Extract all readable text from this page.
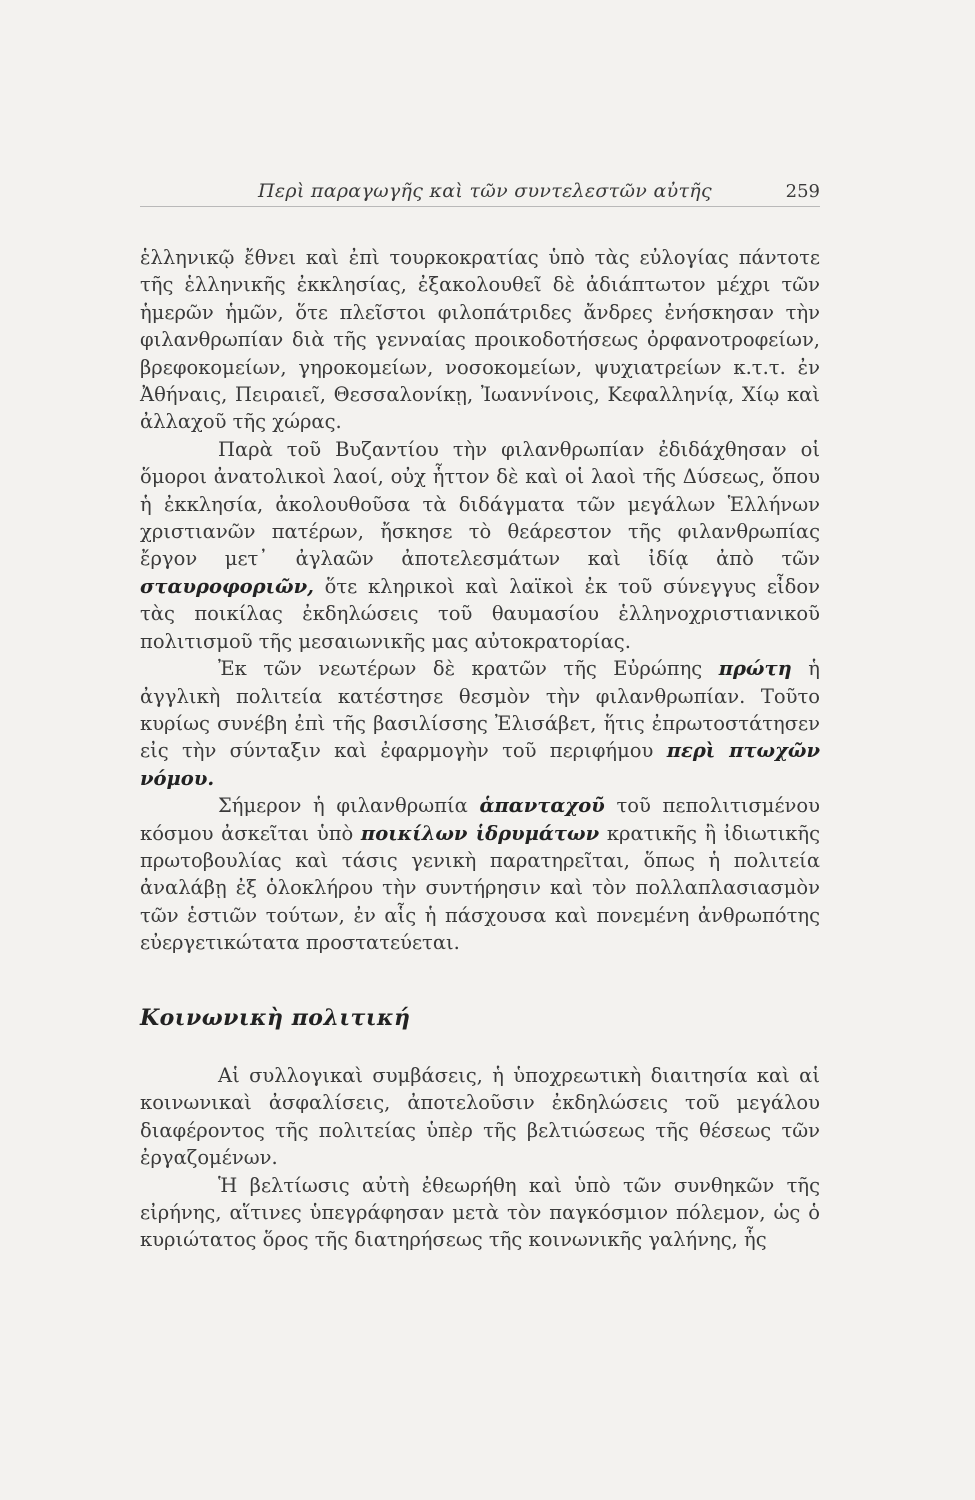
Περὶ παραγωγῆς καὶ τῶν συντελεστῶν αὐτῆς	259

ἑλληνικῷ ἔθνει καὶ ἐπὶ τουρκοκρατίας ὑπὸ τὰς εὐλογίας πάντοτε τῆς ἑλληνικῆς ἐκκλησίας, ἐξακολουθεῖ δὲ ἀδιάπτωτον μέχρι τῶν ἡμερῶν ἡμῶν, ὅτε πλεῖστοι φιλοπάτριδες ἄνδρες ἐνήσκησαν τὴν φιλανθρωπίαν διὰ τῆς γενναίας προικοδοτήσεως ὀρφανοτροφείων, βρεφοκομείων, γηροκομείων, νοσοκομείων, ψυχιατρείων κ.τ.τ. ἐν Ἀθήναις, Πειραιεῖ, Θεσσαλονίκῃ, Ἰωαννίνοις, Κεφαλληνίᾳ, Χίῳ καὶ ἀλλαχοῦ τῆς χώρας.

Παρὰ τοῦ Βυζαντίου τὴν φιλανθρωπίαν ἐδιδάχθησαν οἱ ὅμοροι ἀνατολικοὶ λαοί, οὐχ ἧττον δὲ καὶ οἱ λαοὶ τῆς Δύσεως, ὅπου ἡ ἐκκλησία, ἀκολουθοῦσα τὰ διδάγματα τῶν μεγάλων Ἑλλήνων χριστιανῶν πατέρων, ἤσκησε τὸ θεάρεστον τῆς φιλανθρωπίας ἔργον μετ᾽ ἀγλαῶν ἀποτελεσμάτων καὶ ἰδίᾳ ἀπὸ τῶν σταυροφοριῶν, ὅτε κληρικοὶ καὶ λαϊκοὶ ἐκ τοῦ σύνεγγυς εἶδον τὰς ποικίλας ἐκδηλώσεις τοῦ θαυμασίου ἑλληνοχριστιανικοῦ πολιτισμοῦ τῆς μεσαιωνικῆς μας αὐτοκρατορίας.

Ἐκ τῶν νεωτέρων δὲ κρατῶν τῆς Εὐρώπης πρώτη ἡ ἀγγλικὴ πολιτεία κατέστησε θεσμὸν τὴν φιλανθρωπίαν. Τοῦτο κυρίως συνέβη ἐπὶ τῆς βασιλίσσης Ἐλισάβετ, ἥτις ἐπρωτοστάτησεν εἰς τὴν σύνταξιν καὶ ἐφαρμογὴν τοῦ περιφήμου περὶ πτωχῶν νόμου.

Σήμερον ἡ φιλανθρωπία ἁπανταχοῦ τοῦ πεπολιτισμένου κόσμου ἀσκεῖται ὑπὸ ποικίλων ἱδρυμάτων κρατικῆς ἢ ἰδιωτικῆς πρωτοβουλίας καὶ τάσις γενικὴ παρατηρεῖται, ὅπως ἡ πολιτεία ἀναλάβῃ ἐξ ὁλοκλήρου τὴν συντήρησιν καὶ τὸν πολλαπλασιασμὸν τῶν ἑστιῶν τούτων, ἐν αἷς ἡ πάσχουσα καὶ πονεμένη ἀνθρωπότης εὐεργετικώτατα προστατεύεται.

Κοινωνικὴ πολιτική

Αἱ συλλογικαὶ συμβάσεις, ἡ ὑποχρεωτικὴ διαιτησία καὶ αἱ κοινωνικαὶ ἀσφαλίσεις, ἀποτελοῦσιν ἐκδηλώσεις τοῦ μεγάλου διαφέροντος τῆς πολιτείας ὑπὲρ τῆς βελτιώσεως τῆς θέσεως τῶν ἐργαζομένων.

Ἡ βελτίωσις αὐτὴ ἐθεωρήθη καὶ ὑπὸ τῶν συνθηκῶν τῆς εἰρήνης, αἵτινες ὑπεγράφησαν μετὰ τὸν παγκόσμιον πόλεμον, ὡς ὁ κυριώτατος ὅρος τῆς διατηρήσεως τῆς κοινωνικῆς γαλήνης, ἧς
